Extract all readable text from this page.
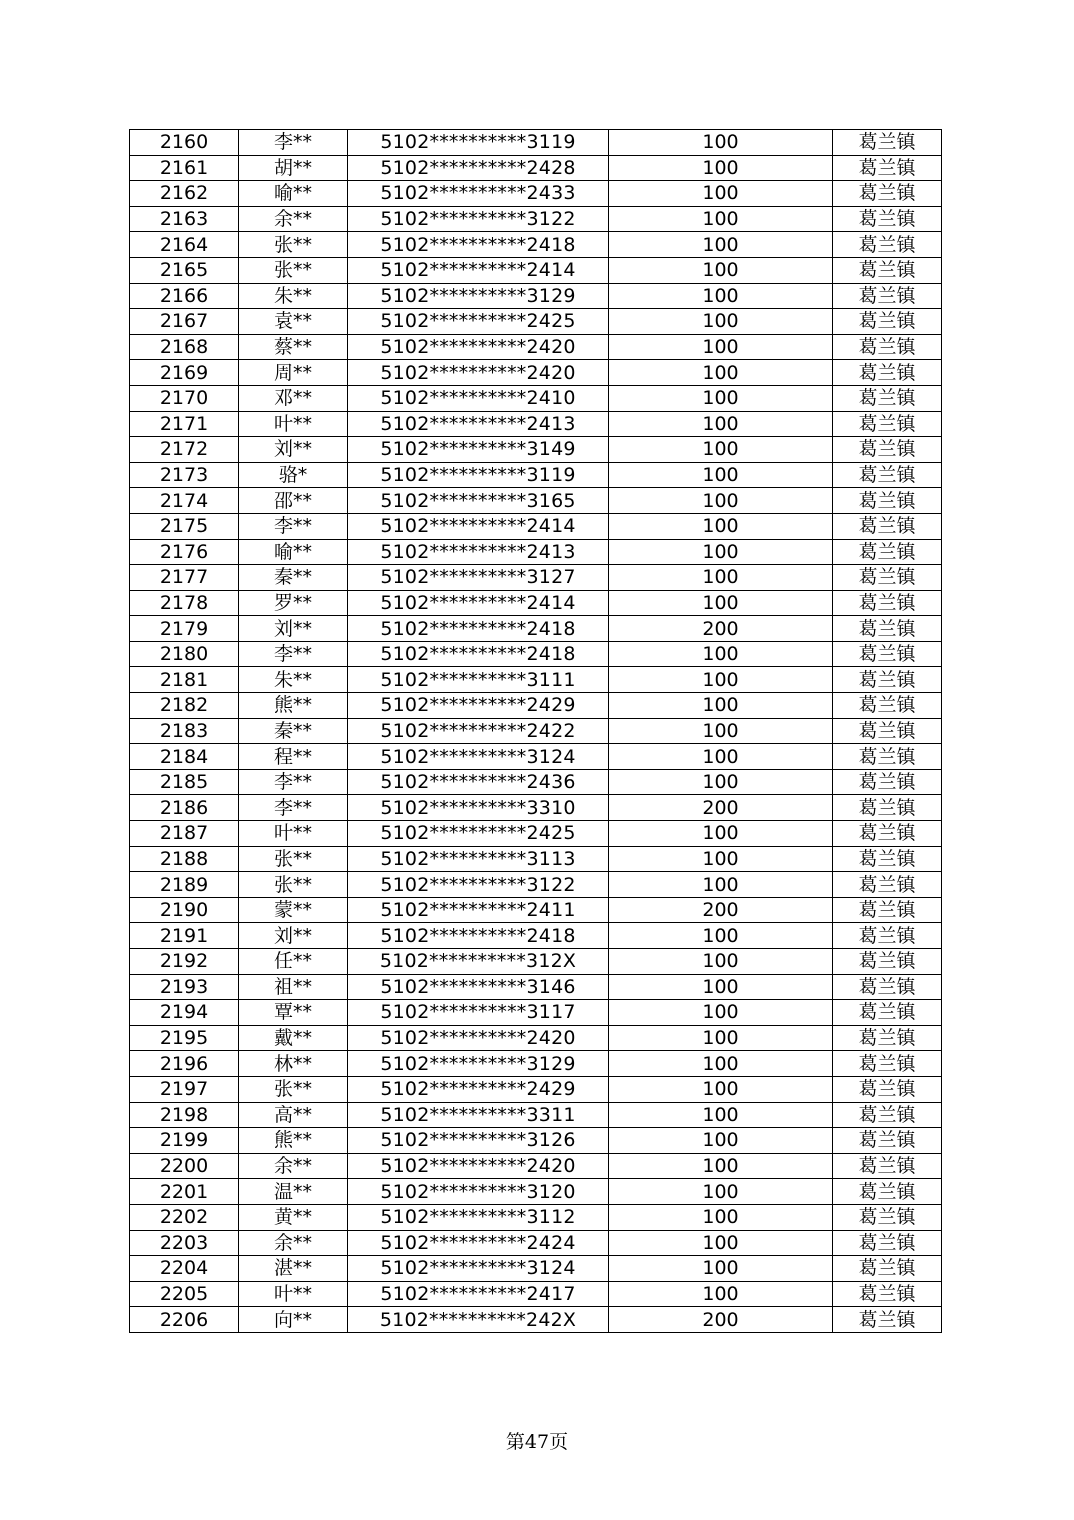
2160	李**	5102**********3119	100	葛兰镇
2161	胡**	5102**********2428	100	葛兰镇
2162	喻**	5102**********2433	100	葛兰镇
2163	余**	5102**********3122	100	葛兰镇
2164	张**	5102**********2418	100	葛兰镇
2165	张**	5102**********2414	100	葛兰镇
2166	朱**	5102**********3129	100	葛兰镇
2167	袁**	5102**********2425	100	葛兰镇
2168	蔡**	5102**********2420	100	葛兰镇
2169	周**	5102**********2420	100	葛兰镇
2170	邓**	5102**********2410	100	葛兰镇
2171	叶**	5102**********2413	100	葛兰镇
2172	刘**	5102**********3149	100	葛兰镇
2173	骆*	5102**********3119	100	葛兰镇
2174	邵**	5102**********3165	100	葛兰镇
2175	李**	5102**********2414	100	葛兰镇
2176	喻**	5102**********2413	100	葛兰镇
2177	秦**	5102**********3127	100	葛兰镇
2178	罗**	5102**********2414	100	葛兰镇
2179	刘**	5102**********2418	200	葛兰镇
2180	李**	5102**********2418	100	葛兰镇
2181	朱**	5102**********3111	100	葛兰镇
2182	熊**	5102**********2429	100	葛兰镇
2183	秦**	5102**********2422	100	葛兰镇
2184	程**	5102**********3124	100	葛兰镇
2185	李**	5102**********2436	100	葛兰镇
2186	李**	5102**********3310	200	葛兰镇
2187	叶**	5102**********2425	100	葛兰镇
2188	张**	5102**********3113	100	葛兰镇
2189	张**	5102**********3122	100	葛兰镇
2190	蒙**	5102**********2411	200	葛兰镇
2191	刘**	5102**********2418	100	葛兰镇
2192	任**	5102**********312X	100	葛兰镇
2193	祖**	5102**********3146	100	葛兰镇
2194	覃**	5102**********3117	100	葛兰镇
2195	戴**	5102**********2420	100	葛兰镇
2196	林**	5102**********3129	100	葛兰镇
2197	张**	5102**********2429	100	葛兰镇
2198	高**	5102**********3311	100	葛兰镇
2199	熊**	5102**********3126	100	葛兰镇
2200	余**	5102**********2420	100	葛兰镇
2201	温**	5102**********3120	100	葛兰镇
2202	黄**	5102**********3112	100	葛兰镇
2203	余**	5102**********2424	100	葛兰镇
2204	湛**	5102**********3124	100	葛兰镇
2205	叶**	5102**********2417	100	葛兰镇
2206	向**	5102**********242X	200	葛兰镇
第47页
